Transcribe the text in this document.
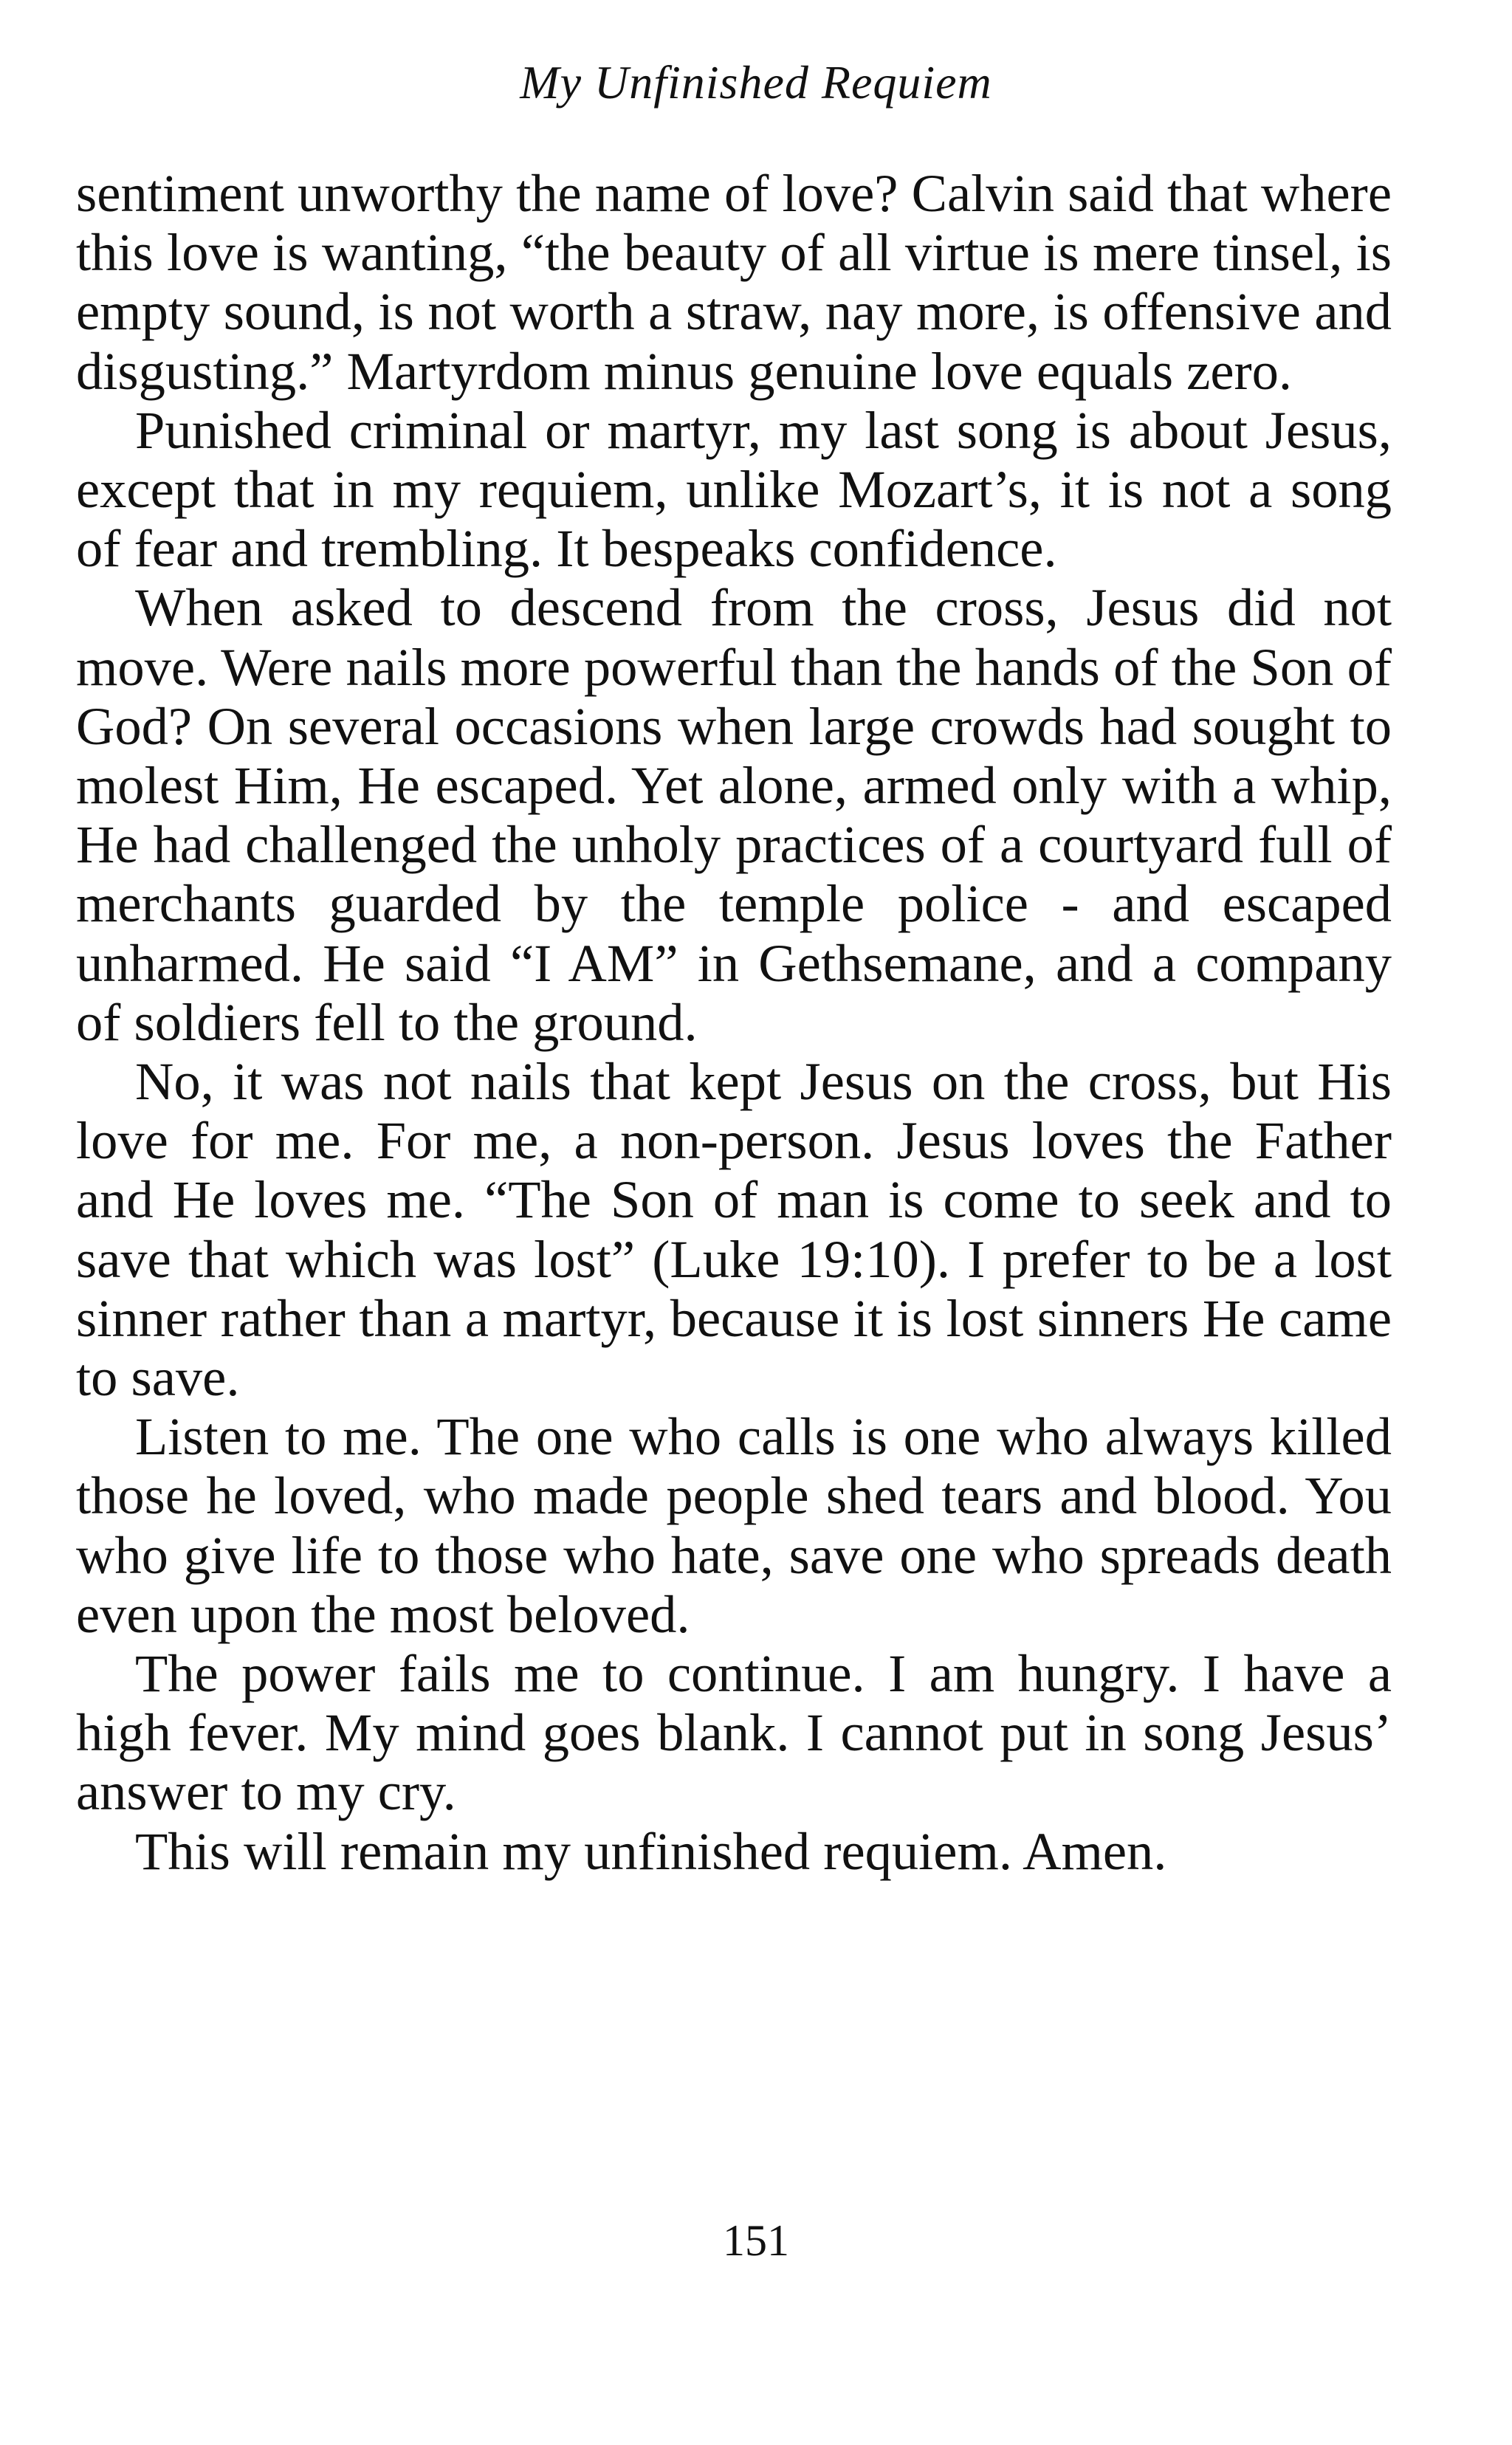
My Unfinished Requiem

sentiment unworthy the name of love? Calvin said that where this love is wanting, “the beauty of all virtue is mere tinsel, is empty sound, is not worth a straw, nay more, is offensive and disgusting.” Martyrdom minus genuine love equals zero.

Punished criminal or martyr, my last song is about Jesus, except that in my requiem, unlike Mozart’s, it is not a song of fear and trembling. It bespeaks confidence.

When asked to descend from the cross, Jesus did not move. Were nails more powerful than the hands of the Son of God? On several occasions when large crowds had sought to molest Him, He escaped. Yet alone, armed only with a whip, He had challenged the unholy practices of a courtyard full of merchants guarded by the temple police - and escaped unharmed. He said “I AM” in Gethsemane, and a company of soldiers fell to the ground.

No, it was not nails that kept Jesus on the cross, but His love for me. For me, a non-person. Jesus loves the Father and He loves me. “The Son of man is come to seek and to save that which was lost” (Luke 19:10). I prefer to be a lost sinner rather than a martyr, because it is lost sinners He came to save.

Listen to me. The one who calls is one who always killed those he loved, who made people shed tears and blood. You who give life to those who hate, save one who spreads death even upon the most beloved.

The power fails me to continue. I am hungry. I have a high fever. My mind goes blank. I cannot put in song Jesus’ answer to my cry.

This will remain my unfinished requiem. Amen.

151
